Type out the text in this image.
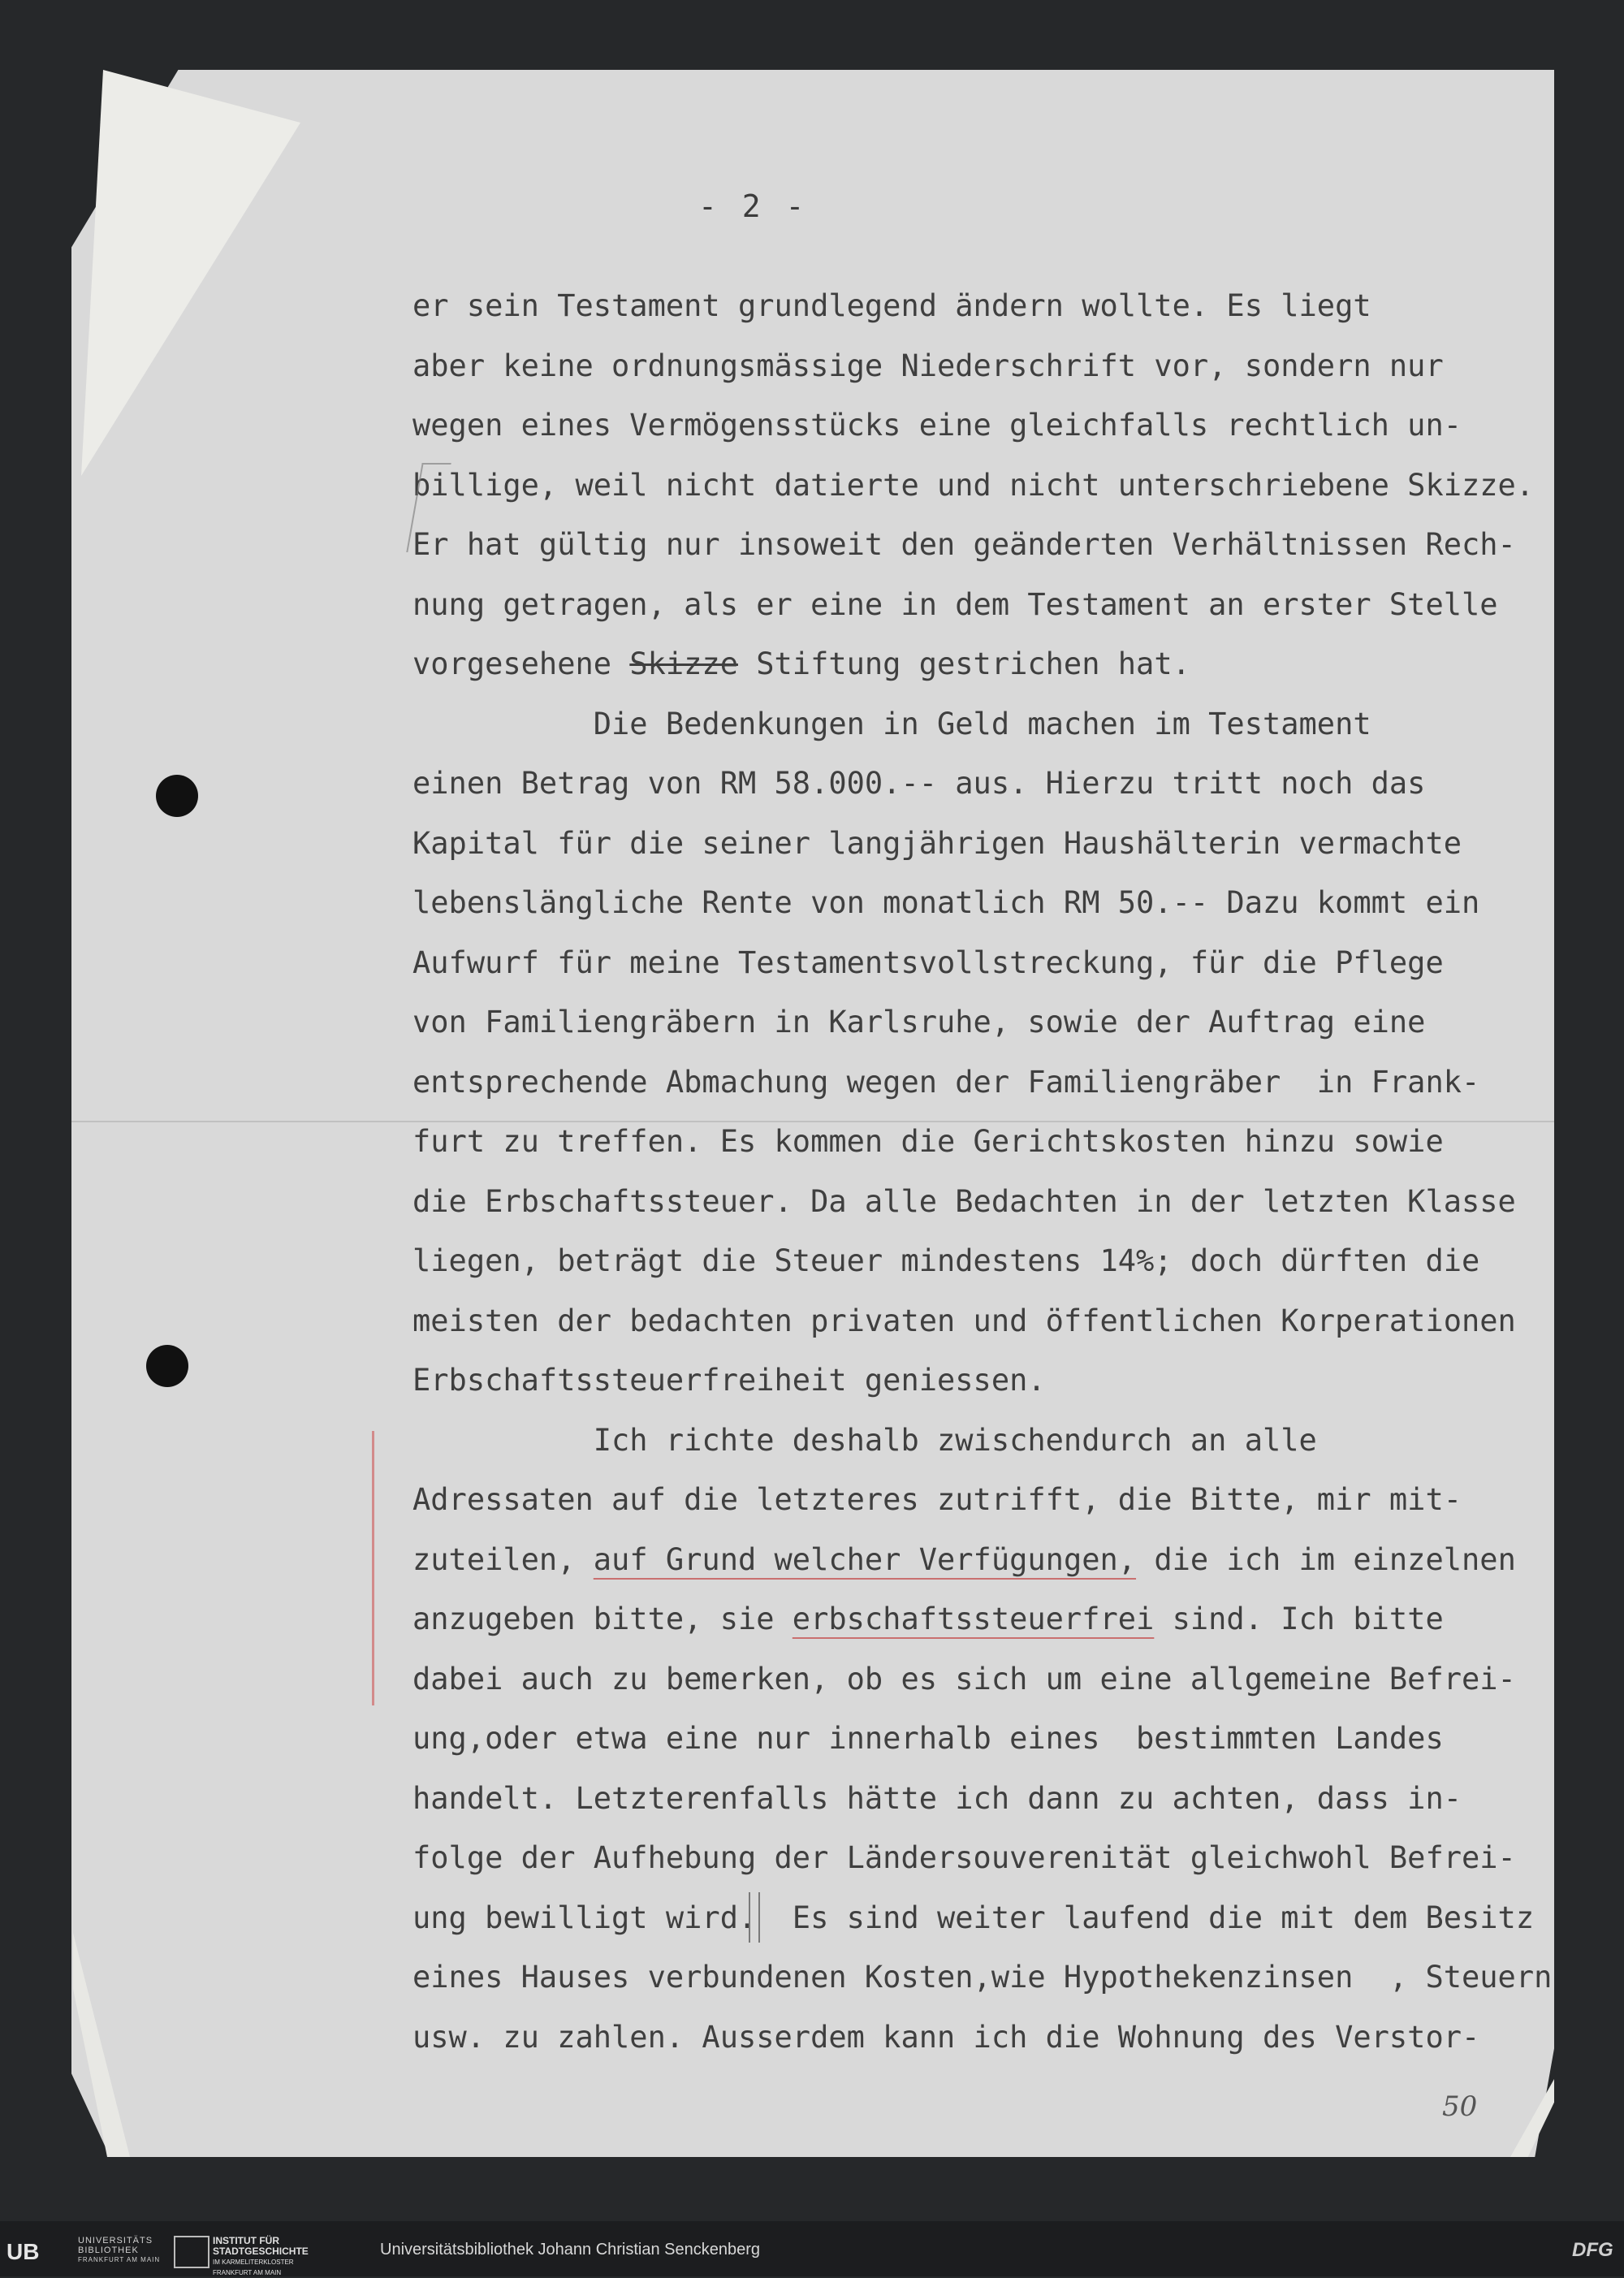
- 2 -
er sein Testament grundlegend ändern wollte. Es liegt
aber keine ordnungsmässige Niederschrift vor, sondern nur
wegen eines Vermögensstücks eine gleichfalls rechtlich un-
billige, weil nicht datierte und nicht unterschriebene Skizze.
Er hat gültig nur insoweit den geänderten Verhältnissen Rech-
nung getragen, als er eine in dem Testament an erster Stelle
vorgesehene Skizze Stiftung gestrichen hat.
Die Bedenkungen in Geld machen im Testament
einen Betrag von RM 58.000.-- aus. Hierzu tritt noch das
Kapital für die seiner langjährigen Haushälterin vermachte
lebenslängliche Rente von monatlich RM 50.-- Dazu kommt ein
Aufwurf für meine Testamentsvollstreckung, für die Pflege
von Familiengräbern in Karlsruhe, sowie der Auftrag eine
entsprechende Abmachung wegen der Familiengräber  in Frank-
furt zu treffen. Es kommen die Gerichtskosten hinzu sowie
die Erbschaftssteuer. Da alle Bedachten in der letzten Klasse
liegen, beträgt die Steuer mindestens 14%; doch dürften die
meisten der bedachten privaten und öffentlichen Korperationen
Erbschaftssteuerfreiheit geniessen.
Ich richte deshalb zwischendurch an alle
Adressaten auf die letzteres zutrifft, die Bitte, mir mit-
zuteilen, auf Grund welcher Verfügungen, die ich im einzelnen
anzugeben bitte, sie erbschaftssteuerfrei sind. Ich bitte
dabei auch zu bemerken, ob es sich um eine allgemeine Befrei-
ung,oder etwa eine nur innerhalb eines  bestimmten Landes
handelt. Letzterenfalls hätte ich dann zu achten, dass in-
folge der Aufhebung der Ländersouverenität gleichwohl Befrei-
ung bewilligt wird.  Es sind weiter laufend die mit dem Besitz
eines Hauses verbundenen Kosten,wie Hypothekenzinsen  , Steuern
usw. zu zahlen. Ausserdem kann ich die Wohnung des Verstor-
50
UB	UNIVERSITÄTS
BIBLIOTHEK
FRANKFURT AM MAIN
INSTITUT FÜR
STADTGESCHICHTE
IM KARMELITERKLOSTER
FRANKFURT AM MAIN
Universitätsbibliothek Johann Christian Senckenberg	DFG
